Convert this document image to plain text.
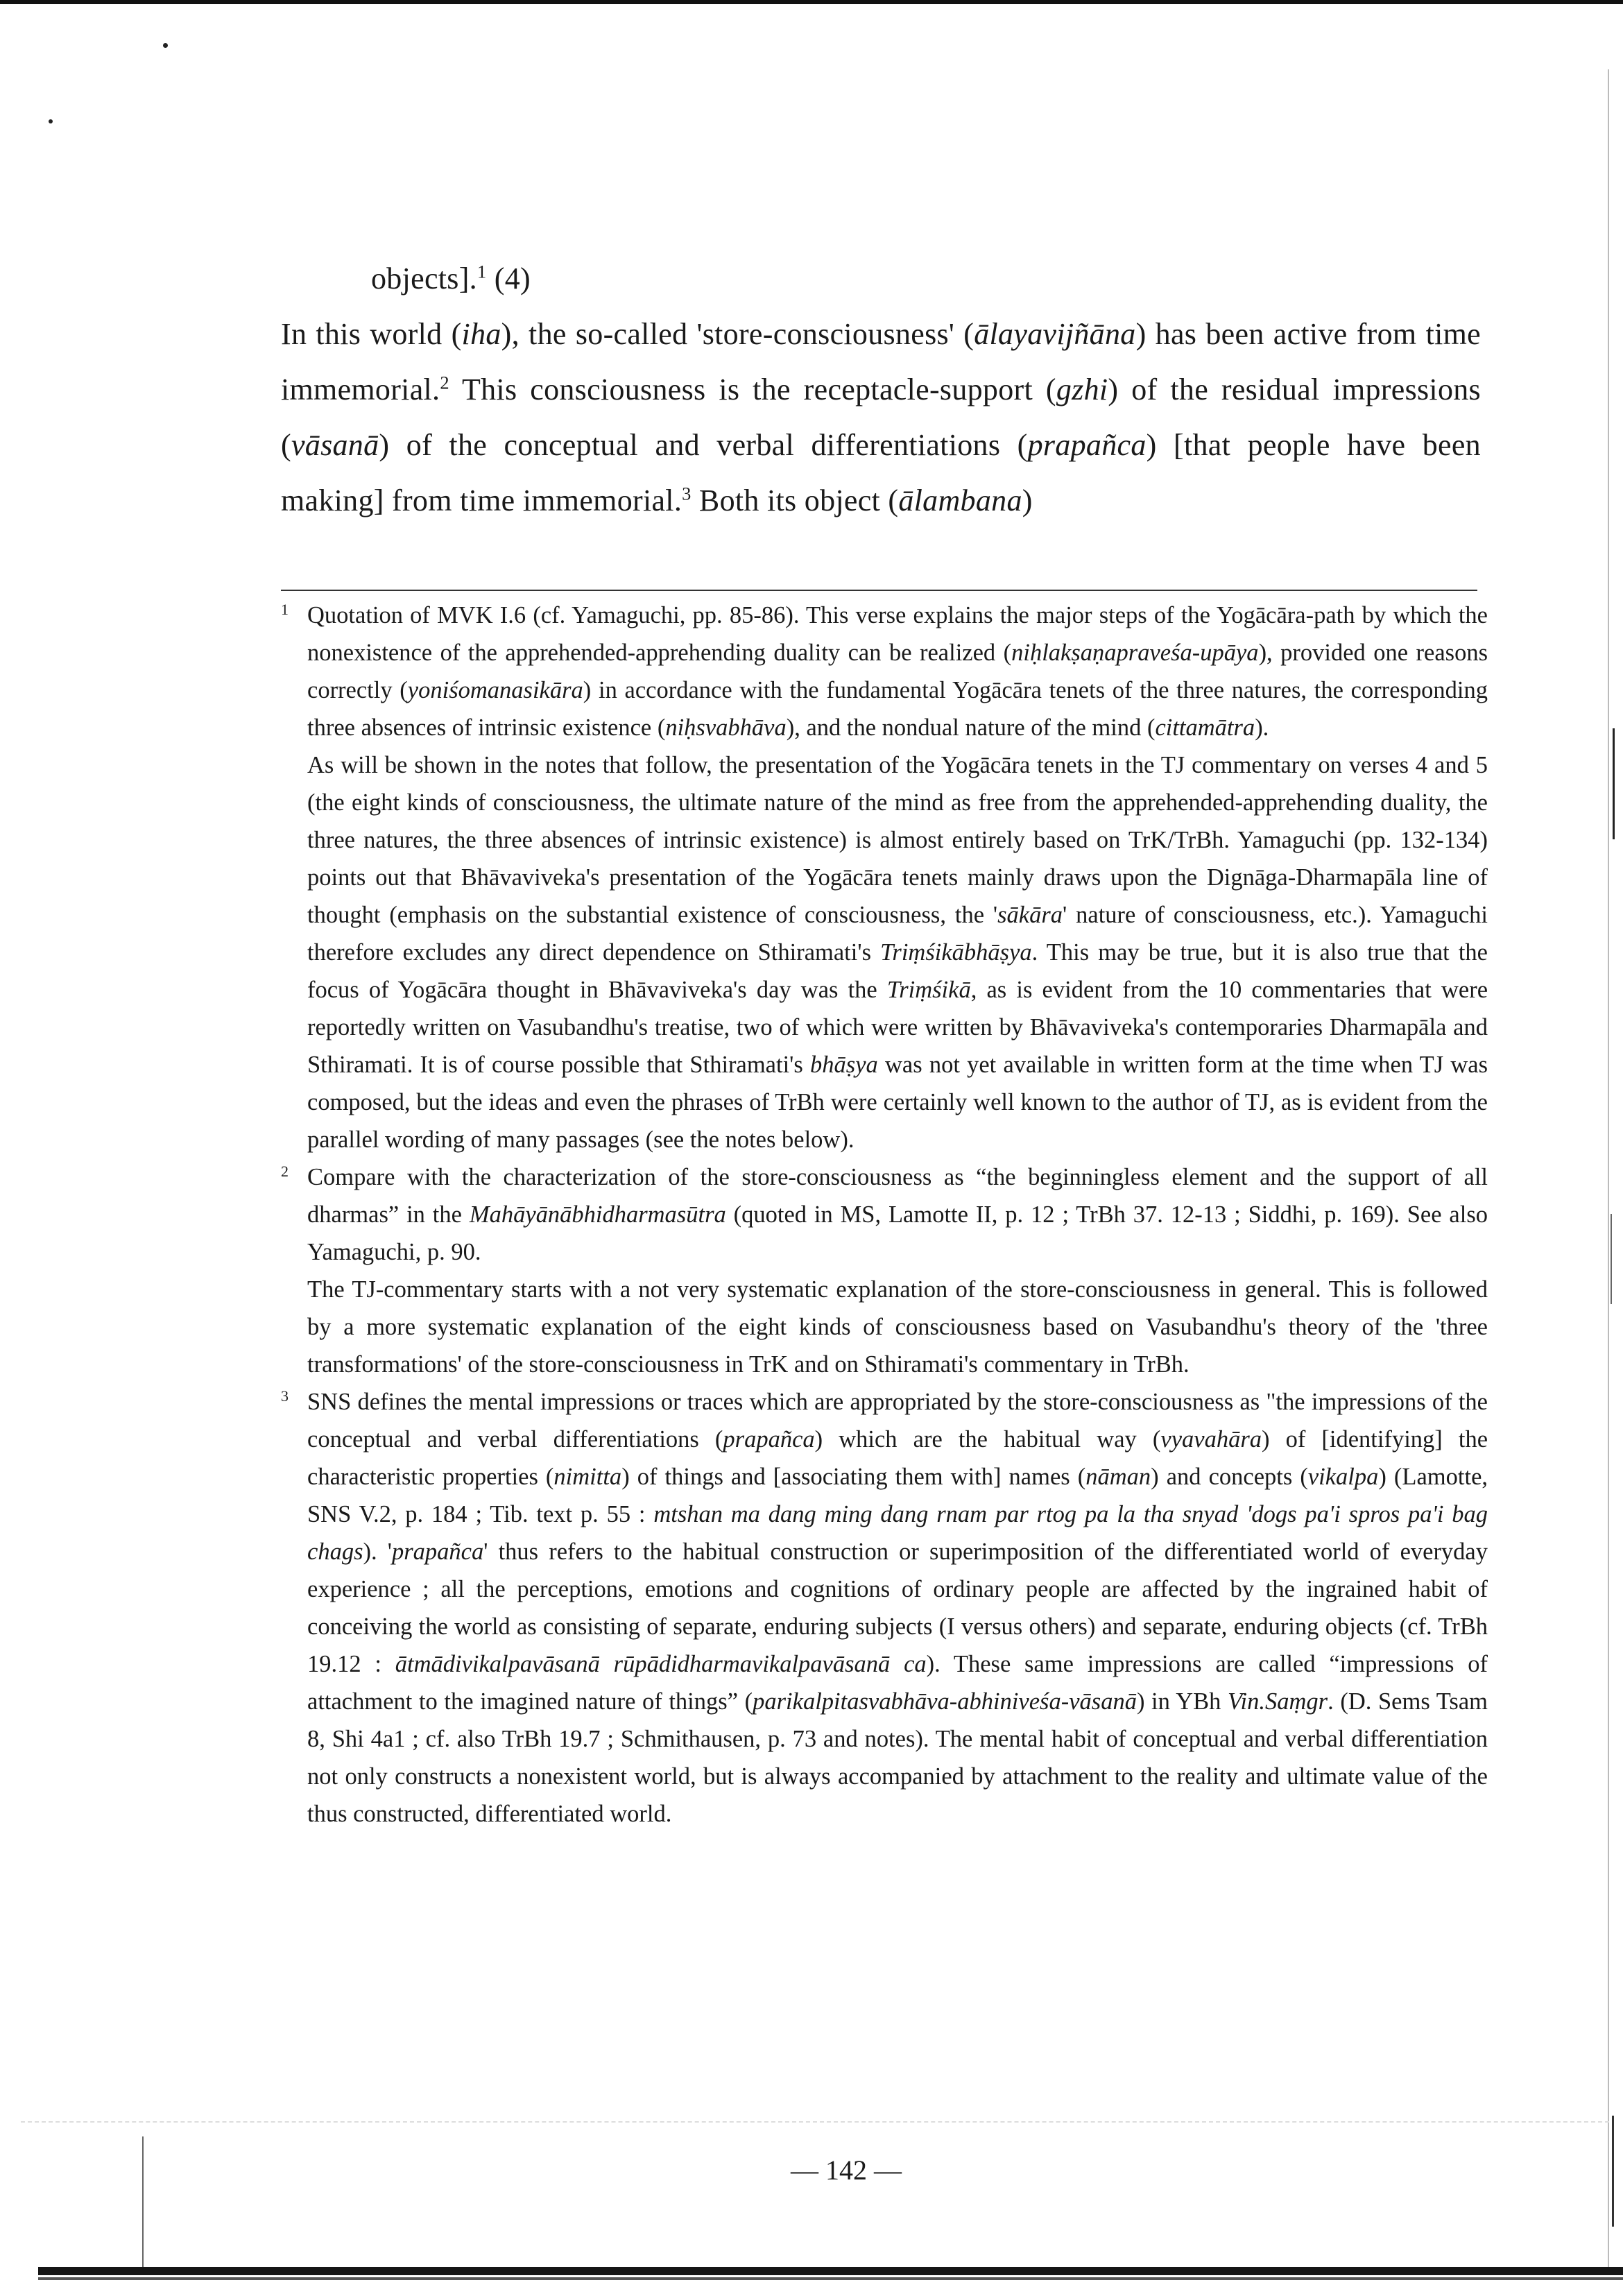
objects].$^1$ (4)

In this world (iha), the so-called 'store-consciousness' (ālayavijñāna) has been active from time immemorial.$^2$ This consciousness is the receptacle-support (gzhi) of the residual impressions (vāsanā) of the conceptual and verbal differentiations (prapañca) [that people have been making] from time immemorial.$^3$ Both its object (ālambana)

1 Quotation of MVK I.6 (cf. Yamaguchi, pp. 85-86). This verse explains the major steps of the Yogācāra-path by which the nonexistence of the apprehended-apprehending duality can be realized (niḥlakṣaṇapraveśa-upāya), provided one reasons correctly (yoniśomanasikāra) in accordance with the fundamental Yogācāra tenets of the three natures, the corresponding three absences of intrinsic existence (niḥsvabhāva), and the nondual nature of the mind (cittamātra).

As will be shown in the notes that follow, the presentation of the Yogācāra tenets in the TJ commentary on verses 4 and 5 (the eight kinds of consciousness, the ultimate nature of the mind as free from the apprehended-apprehending duality, the three natures, the three absences of intrinsic existence) is almost entirely based on TrK/TrBh. Yamaguchi (pp. 132-134) points out that Bhāvaviveka's presentation of the Yogācāra tenets mainly draws upon the Dignāga-Dharmapāla line of thought (emphasis on the substantial existence of consciousness, the 'sākāra' nature of consciousness, etc.). Yamaguchi therefore excludes any direct dependence on Sthiramati's Triṃśikābhāṣya. This may be true, but it is also true that the focus of Yogācāra thought in Bhāvaviveka's day was the Triṃśikā, as is evident from the 10 commentaries that were reportedly written on Vasubandhu's treatise, two of which were written by Bhāvaviveka's contemporaries Dharmapāla and Sthiramati. It is of course possible that Sthiramati's bhāṣya was not yet available in written form at the time when TJ was composed, but the ideas and even the phrases of TrBh were certainly well known to the author of TJ, as is evident from the parallel wording of many passages (see the notes below).

2 Compare with the characterization of the store-consciousness as “the beginningless element and the support of all dharmas” in the Mahāyānābhidharmasūtra (quoted in MS, Lamotte II, p. 12 ; TrBh 37. 12-13 ; Siddhi, p. 169). See also Yamaguchi, p. 90.

The TJ-commentary starts with a not very systematic explanation of the store-consciousness in general. This is followed by a more systematic explanation of the eight kinds of consciousness based on Vasubandhu's theory of the 'three transformations' of the store-consciousness in TrK and on Sthiramati's commentary in TrBh.

3 SNS defines the mental impressions or traces which are appropriated by the store-consciousness as "the impressions of the conceptual and verbal differentiations (prapañca) which are the habitual way (vyavahāra) of [identifying] the characteristic properties (nimitta) of things and [associating them with] names (nāman) and concepts (vikalpa) (Lamotte, SNS V.2, p. 184 ; Tib. text p. 55 : mtshan ma dang ming dang rnam par rtog pa la tha snyad 'dogs pa'i spros pa'i bag chags). 'prapañca' thus refers to the habitual construction or superimposition of the differentiated world of everyday experience ; all the perceptions, emotions and cognitions of ordinary people are affected by the ingrained habit of conceiving the world as consisting of separate, enduring subjects (I versus others) and separate, enduring objects (cf. TrBh 19.12 : ātmādivikalpavāsanā rūpādidharmavikalpavāsanā ca). These same impressions are called “impressions of attachment to the imagined nature of things” (parikalpitasvabhāva-abhiniveśa-vāsanā) in YBh Vin.Saṃgr. (D. Sems Tsam 8, Shi 4a1 ; cf. also TrBh 19.7 ; Schmithausen, p. 73 and notes). The mental habit of conceptual and verbal differentiation not only constructs a nonexistent world, but is always accompanied by attachment to the reality and ultimate value of the thus constructed, differentiated world.

— 142 —
